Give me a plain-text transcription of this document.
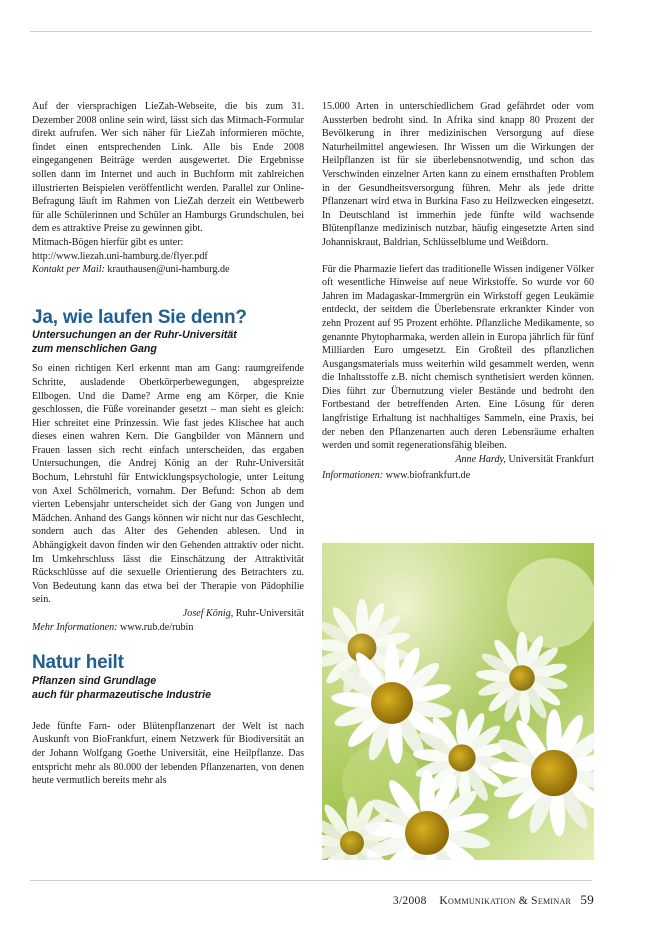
Auf der viersprachigen LieZah-Webseite, die bis zum 31. Dezember 2008 online sein wird, lässt sich das Mitmach-Formular direkt aufrufen. Wer sich näher für LieZah informieren möchte, findet einen entsprechenden Link. Alle bis Ende 2008 eingegangenen Beiträge werden ausgewertet. Die Ergebnisse sollen dann im Internet und auch in Buchform mit zahlreichen illustrierten Beispielen veröffentlicht werden. Parallel zur Online-Befragung läuft im Rahmen von LieZah derzeit ein Wettbewerb für alle Schülerinnen und Schüler an Hamburgs Grundschulen, bei dem es attraktive Preise zu gewinnen gibt.

Mitmach-Bögen hierfür gibt es unter:

http://www.liezah.uni-hamburg.de/flyer.pdf

Kontakt per Mail: krauthausen@uni-hamburg.de

Ja, wie laufen Sie denn?
Untersuchungen an der Ruhr-Universität
zum menschlichen Gang

So einen richtigen Kerl erkennt man am Gang: raumgreifende Schritte, ausladende Oberkörperbewegungen, abgespreizte Ellbogen. Und die Dame? Arme eng am Körper, die Knie geschlossen, die Füße voreinander gesetzt – man sieht es gleich: Hier schreitet eine Prinzessin. Wie fast jedes Klischee hat auch dieses einen wahren Kern. Die Gangbilder von Männern und Frauen lassen sich recht einfach unterscheiden, das ergaben Untersuchungen, die Andrej König an der Ruhr-Universität Bochum, Lehrstuhl für Entwicklungspsychologie, unter Leitung von Axel Schölmerich, vornahm. Der Befund: Schon ab dem vierten Lebensjahr unterscheidet sich der Gang von Jungen und Mädchen. Anhand des Gangs können wir nicht nur das Geschlecht, sondern auch das Alter des Gehenden ablesen. Und in Abhängigkeit davon finden wir den Gehenden attraktiv oder nicht. Im Umkehrschluss lässt die Einschätzung der Attraktivität Rückschlüsse auf die sexuelle Orientierung des Betrachters zu. Von Bedeutung kann das etwa bei der Therapie von Pädophilie sein.

Josef König, Ruhr-Universität

Mehr Informationen: www.rub.de/rubin

Natur heilt
Pflanzen sind Grundlage
auch für pharmazeutische Industrie

Jede fünfte Farn- oder Blütenpflanzenart der Welt ist nach Auskunft von BioFrankfurt, einem Netzwerk für Biodiversität an der Johann Wolfgang Goethe Universität, eine Heilpflanze. Das entspricht mehr als 80.000 der lebenden Pflanzenarten, von denen heute vermutlich bereits mehr als

15.000 Arten in unterschiedlichem Grad gefährdet oder vom Aussterben bedroht sind. In Afrika sind knapp 80 Prozent der Bevölkerung in ihrer medizinischen Versorgung auf diese Naturheilmittel angewiesen. Ihr Wissen um die Wirkungen der Heilpflanzen ist für sie überlebensnotwendig, und schon das Verschwinden einzelner Arten kann zu einem ernsthaften Problem in der Gesundheitsversorgung führen. Mehr als jede dritte Pflanzenart wird etwa in Burkina Faso zu Heilzwecken eingesetzt. In Deutschland ist immerhin jede fünfte wild wachsende Blütenpflanze medizinisch nutzbar, häufig eingesetzte Arten sind Johanniskraut, Baldrian, Schlüsselblume und Weißdorn.

Für die Pharmazie liefert das traditionelle Wissen indigener Völker oft wesentliche Hinweise auf neue Wirkstoffe. So wurde vor 60 Jahren im Madagaskar-Immergrün ein Wirkstoff gegen Leukämie entdeckt, der seitdem die Überlebensrate erkrankter Kinder von zehn Prozent auf 95 Prozent erhöhte. Pflanzliche Medikamente, so genannte Phytopharmaka, werden allein in Europa jährlich für fünf Milliarden Euro umgesetzt. Ein Großteil des pflanzlichen Ausgangsmaterials muss weiterhin wild gesammelt werden, wenn die Inhaltsstoffe z.B. nicht chemisch synthetisiert werden können. Dies führt zur Übernutzung vieler Bestände und bedroht den Fortbestand der betreffenden Arten. Eine Lösung für deren langfristige Erhaltung ist nachhaltiges Sammeln, eine Praxis, bei der neben den Pflanzenarten auch deren Lebensräume erhalten werden und somit regenerationsfähig bleiben.

Anne Hardy, Universität Frankfurt

Informationen: www.biofrankfurt.de

3/2008 Kommunikation & Seminar 59
